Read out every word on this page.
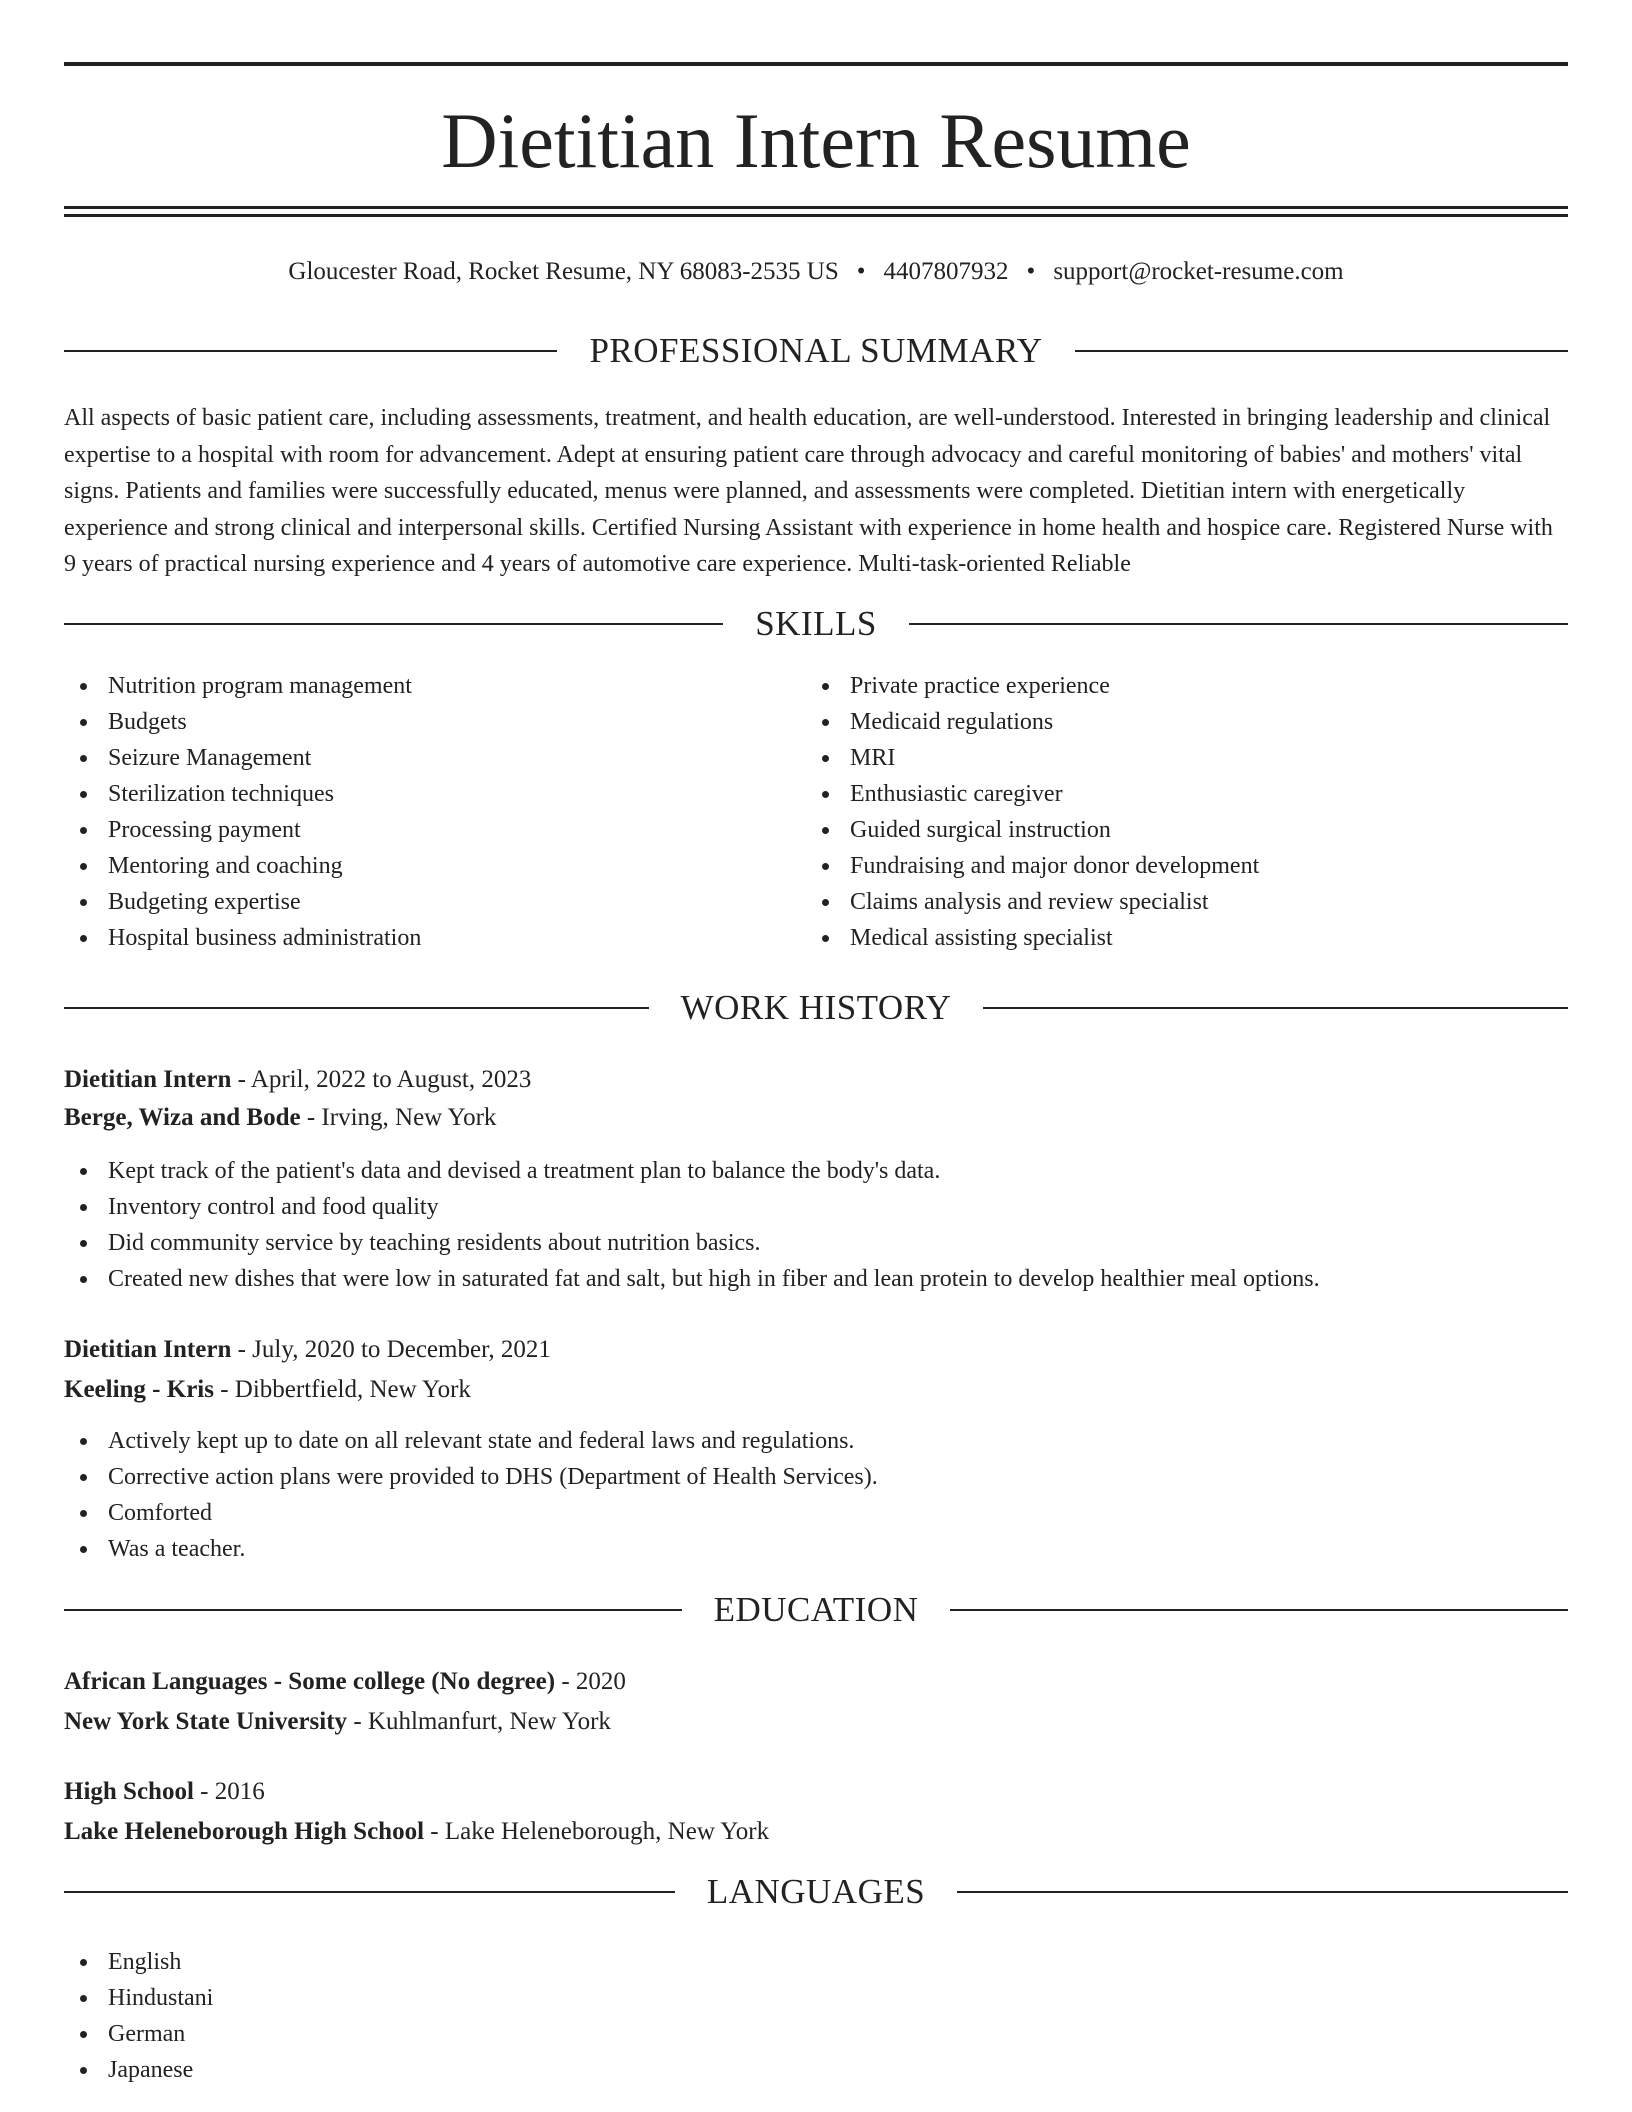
Dietitian Intern Resume
Gloucester Road, Rocket Resume, NY 68083-2535 US • 4407807932 • support@rocket-resume.com
PROFESSIONAL SUMMARY
All aspects of basic patient care, including assessments, treatment, and health education, are well-understood. Interested in bringing leadership and clinical expertise to a hospital with room for advancement. Adept at ensuring patient care through advocacy and careful monitoring of babies' and mothers' vital signs. Patients and families were successfully educated, menus were planned, and assessments were completed. Dietitian intern with energetically experience and strong clinical and interpersonal skills. Certified Nursing Assistant with experience in home health and hospice care. Registered Nurse with 9 years of practical nursing experience and 4 years of automotive care experience. Multi-task-oriented Reliable
SKILLS
Nutrition program management
Budgets
Seizure Management
Sterilization techniques
Processing payment
Mentoring and coaching
Budgeting expertise
Hospital business administration
Private practice experience
Medicaid regulations
MRI
Enthusiastic caregiver
Guided surgical instruction
Fundraising and major donor development
Claims analysis and review specialist
Medical assisting specialist
WORK HISTORY
Dietitian Intern - April, 2022 to August, 2023
Berge, Wiza and Bode - Irving, New York
Kept track of the patient's data and devised a treatment plan to balance the body's data.
Inventory control and food quality
Did community service by teaching residents about nutrition basics.
Created new dishes that were low in saturated fat and salt, but high in fiber and lean protein to develop healthier meal options.
Dietitian Intern - July, 2020 to December, 2021
Keeling - Kris - Dibbertfield, New York
Actively kept up to date on all relevant state and federal laws and regulations.
Corrective action plans were provided to DHS (Department of Health Services).
Comforted
Was a teacher.
EDUCATION
African Languages - Some college (No degree) - 2020
New York State University - Kuhlmanfurt, New York
High School - 2016
Lake Heleneborough High School - Lake Heleneborough, New York
LANGUAGES
English
Hindustani
German
Japanese
